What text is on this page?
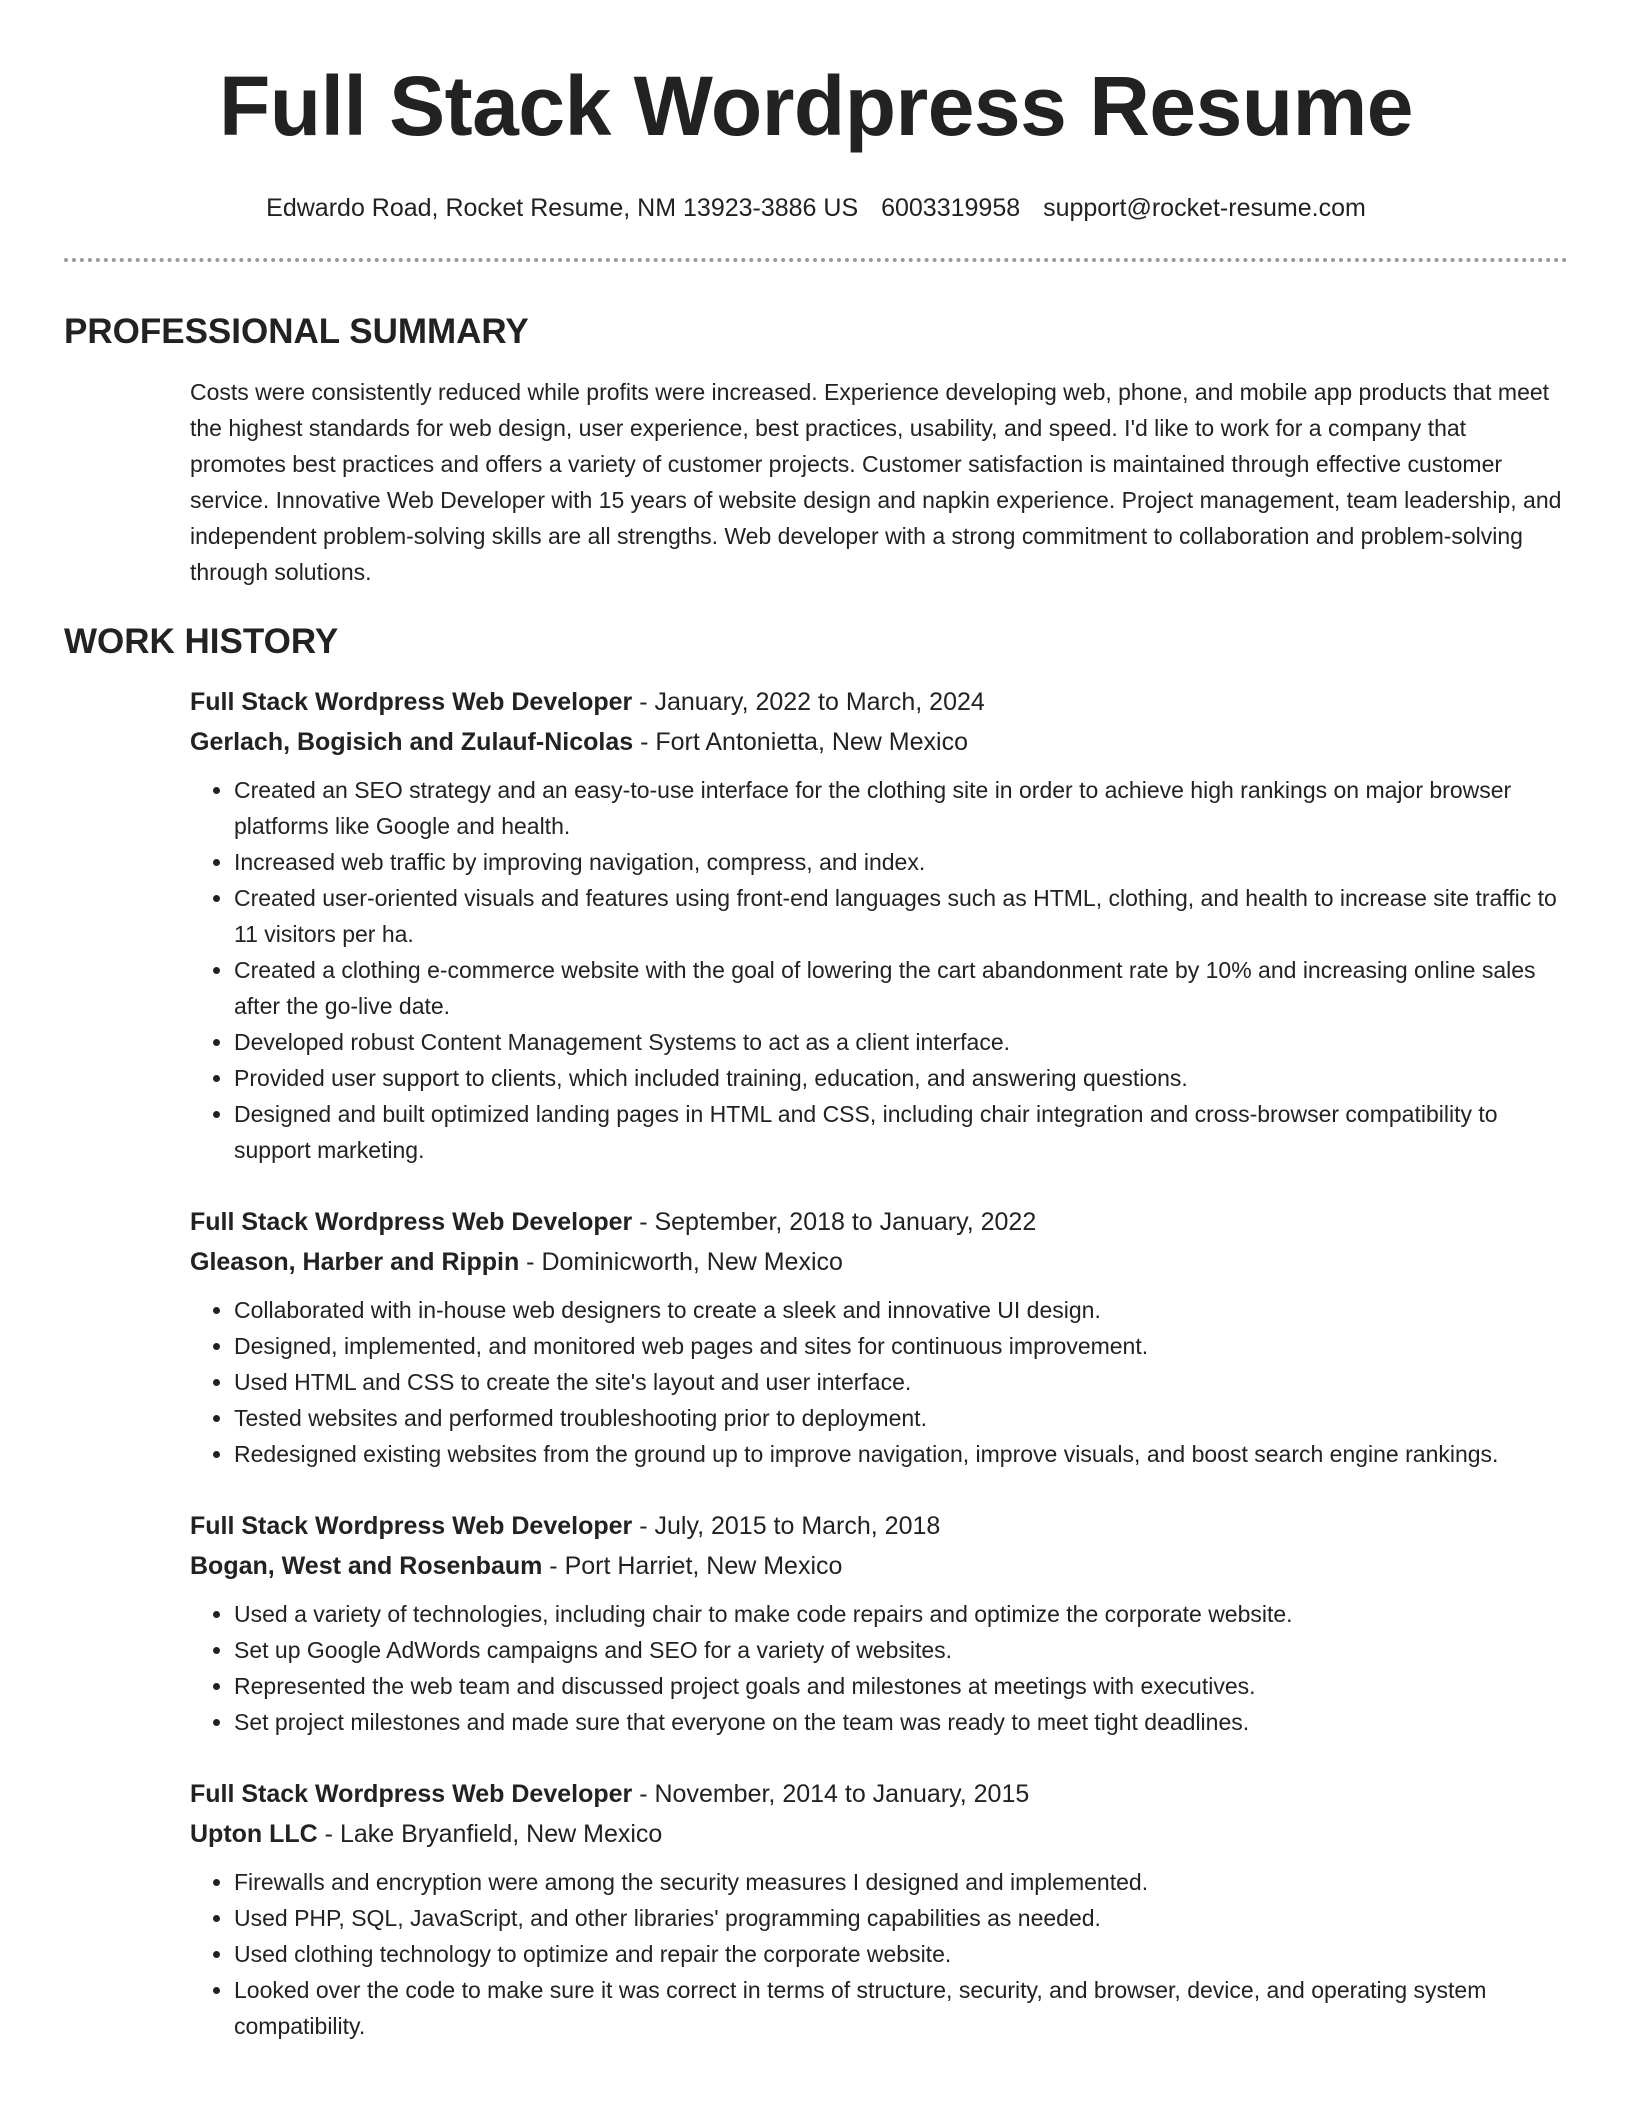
Full Stack Wordpress Resume
Edwardo Road, Rocket Resume, NM 13923-3886 US 6003319958 support@rocket-resume.com
PROFESSIONAL SUMMARY

Costs were consistently reduced while profits were increased. Experience developing web, phone, and mobile app products that meet the highest standards for web design, user experience, best practices, usability, and speed. I'd like to work for a company that promotes best practices and offers a variety of customer projects. Customer satisfaction is maintained through effective customer service. Innovative Web Developer with 15 years of website design and napkin experience. Project management, team leadership, and independent problem-solving skills are all strengths. Web developer with a strong commitment to collaboration and problem-solving through solutions.

WORK HISTORY
Full Stack Wordpress Web Developer - January, 2022 to March, 2024
Gerlach, Bogisich and Zulauf-Nicolas - Fort Antonietta, New Mexico
• Created an SEO strategy and an easy-to-use interface for the clothing site in order to achieve high rankings on major browser platforms like Google and health.
• Increased web traffic by improving navigation, compress, and index.
• Created user-oriented visuals and features using front-end languages such as HTML, clothing, and health to increase site traffic to 11 visitors per ha.
• Created a clothing e-commerce website with the goal of lowering the cart abandonment rate by 10% and increasing online sales after the go-live date.
• Developed robust Content Management Systems to act as a client interface.
• Provided user support to clients, which included training, education, and answering questions.
• Designed and built optimized landing pages in HTML and CSS, including chair integration and cross-browser compatibility to support marketing.
Full Stack Wordpress Web Developer - September, 2018 to January, 2022
Gleason, Harber and Rippin - Dominicworth, New Mexico
• Collaborated with in-house web designers to create a sleek and innovative UI design.
• Designed, implemented, and monitored web pages and sites for continuous improvement.
• Used HTML and CSS to create the site's layout and user interface.
• Tested websites and performed troubleshooting prior to deployment.
• Redesigned existing websites from the ground up to improve navigation, improve visuals, and boost search engine rankings.
Full Stack Wordpress Web Developer - July, 2015 to March, 2018
Bogan, West and Rosenbaum - Port Harriet, New Mexico
• Used a variety of technologies, including chair to make code repairs and optimize the corporate website.
• Set up Google AdWords campaigns and SEO for a variety of websites.
• Represented the web team and discussed project goals and milestones at meetings with executives.
• Set project milestones and made sure that everyone on the team was ready to meet tight deadlines.
Full Stack Wordpress Web Developer - November, 2014 to January, 2015
Upton LLC - Lake Bryanfield, New Mexico
• Firewalls and encryption were among the security measures I designed and implemented.
• Used PHP, SQL, JavaScript, and other libraries' programming capabilities as needed.
• Used clothing technology to optimize and repair the corporate website.
• Looked over the code to make sure it was correct in terms of structure, security, and browser, device, and operating system compatibility.
